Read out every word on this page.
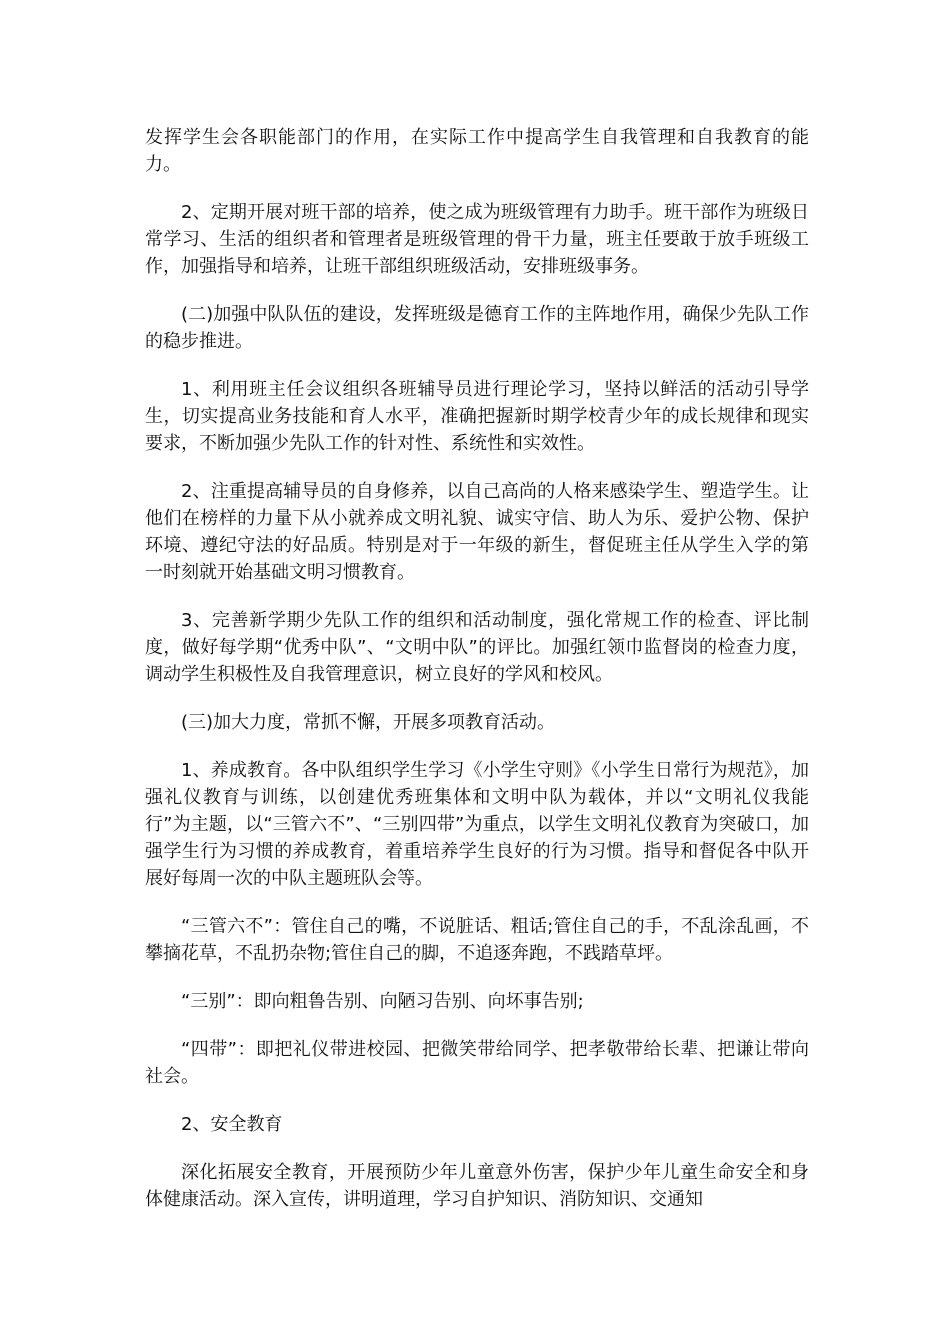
发挥学生会各职能部门的作用，在实际工作中提高学生自我管理和自我教育的能力。

2、定期开展对班干部的培养，使之成为班级管理有力助手。班干部作为班级日常学习、生活的组织者和管理者是班级管理的骨干力量，班主任要敢于放手班级工作，加强指导和培养，让班干部组织班级活动，安排班级事务。

(二)加强中队队伍的建设，发挥班级是德育工作的主阵地作用，确保少先队工作的稳步推进。

1、利用班主任会议组织各班辅导员进行理论学习，坚持以鲜活的活动引导学生，切实提高业务技能和育人水平，准确把握新时期学校青少年的成长规律和现实要求，不断加强少先队工作的针对性、系统性和实效性。

2、注重提高辅导员的自身修养，以自己高尚的人格来感染学生、塑造学生。让他们在榜样的力量下从小就养成文明礼貌、诚实守信、助人为乐、爱护公物、保护环境、遵纪守法的好品质。特别是对于一年级的新生，督促班主任从学生入学的第一时刻就开始基础文明习惯教育。

3、完善新学期少先队工作的组织和活动制度，强化常规工作的检查、评比制度，做好每学期“优秀中队”、“文明中队”的评比。加强红领巾监督岗的检查力度，调动学生积极性及自我管理意识，树立良好的学风和校风。

(三)加大力度，常抓不懈，开展多项教育活动。

1、养成教育。各中队组织学生学习《小学生守则》《小学生日常行为规范》，加强礼仪教育与训练，以创建优秀班集体和文明中队为载体，并以“文明礼仪我能行”为主题，以“三管六不”、“三别四带”为重点，以学生文明礼仪教育为突破口，加强学生行为习惯的养成教育，着重培养学生良好的行为习惯。指导和督促各中队开展好每周一次的中队主题班队会等。

“三管六不”：管住自己的嘴，不说脏话、粗话;管住自己的手，不乱涂乱画，不攀摘花草，不乱扔杂物;管住自己的脚，不追逐奔跑，不践踏草坪。

“三别”：即向粗鲁告别、向陋习告别、向坏事告别;

“四带”：即把礼仪带进校园、把微笑带给同学、把孝敬带给长辈、把谦让带向社会。

2、安全教育

深化拓展安全教育，开展预防少年儿童意外伤害，保护少年儿童生命安全和身体健康活动。深入宣传，讲明道理，学习自护知识、消防知识、交通知
